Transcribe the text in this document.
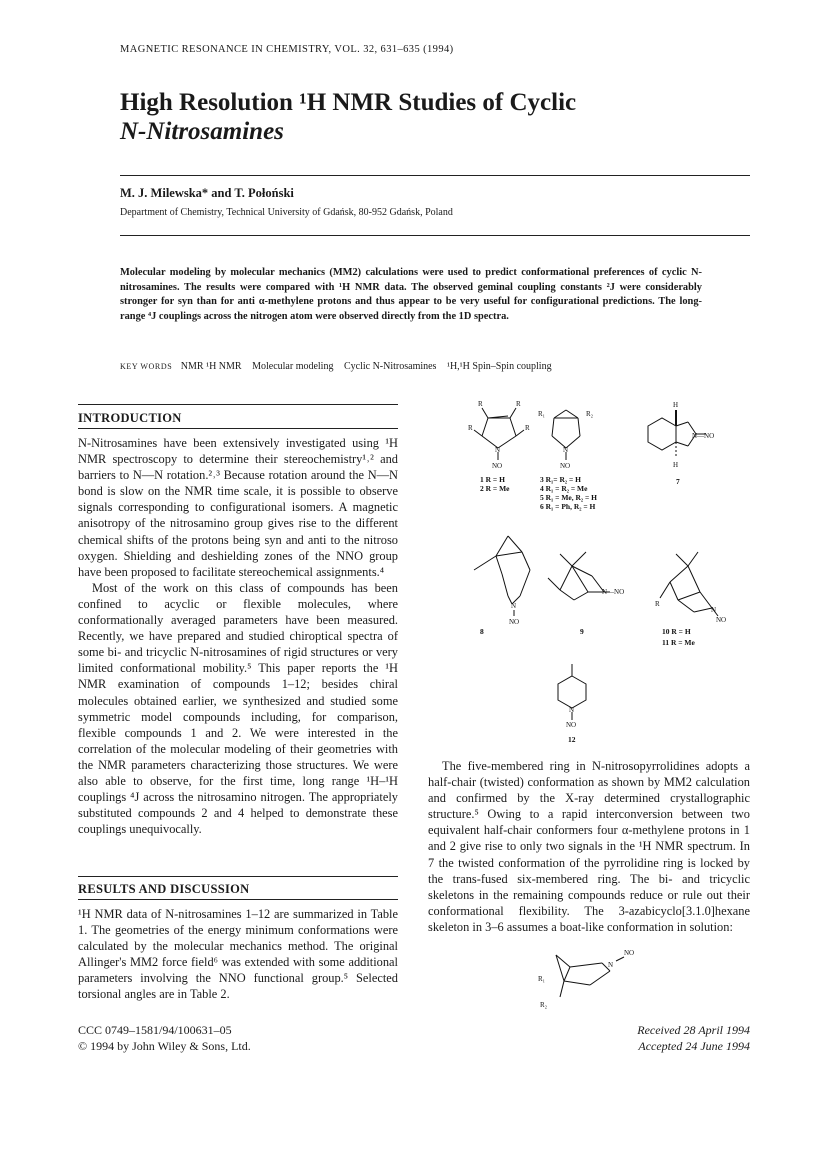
MAGNETIC RESONANCE IN CHEMISTRY, VOL. 32, 631–635 (1994)
High Resolution ¹H NMR Studies of Cyclic
N-Nitrosamines
M. J. Milewska* and T. Połoński
Department of Chemistry, Technical University of Gdańsk, 80-952 Gdańsk, Poland
Molecular modeling by molecular mechanics (MM2) calculations were used to predict conformational preferences of cyclic N-nitrosamines. The results were compared with ¹H NMR data. The observed geminal coupling constants ²J were considerably stronger for syn than for anti α-methylene protons and thus appear to be very useful for configurational predictions. The long-range ⁴J couplings across the nitrogen atom were observed directly from the 1D spectra.
KEY WORDS NMR ¹H NMR Molecular modeling Cyclic N-Nitrosamines ¹H,¹H Spin–Spin coupling
INTRODUCTION

N-Nitrosamines have been extensively investigated using ¹H NMR spectroscopy to determine their stereochemistry¹˒² and barriers to N—N rotation.²˒³ Because rotation around the N—N bond is slow on the NMR time scale, it is possible to observe signals corresponding to configurational isomers. A magnetic anisotropy of the nitrosamino group gives rise to the different chemical shifts of the protons being syn and anti to the nitroso oxygen. Shielding and deshielding zones of the NNO group have been proposed to facilitate stereochemical assignments.⁴

Most of the work on this class of compounds has been confined to acyclic or flexible molecules, where conformationally averaged parameters have been measured. Recently, we have prepared and studied chiroptical spectra of some bi- and tricyclic N-nitrosamines of rigid structures or very limited conformational mobility.⁵ This paper reports the ¹H NMR examination of compounds 1–12; besides chiral molecules obtained earlier, we synthesized and studied some symmetric model compounds including, for comparison, flexible compounds 1 and 2. We were interested in the correlation of the molecular modeling of their geometries with the NMR parameters characterizing those structures. We were also able to observe, for the first time, long range ¹H–¹H couplings ⁴J across the nitrosamino nitrogen. The appropriately substituted compounds 2 and 4 helped to demonstrate these couplings unequivocally.

RESULTS AND DISCUSSION

¹H NMR data of N-nitrosamines 1–12 are summarized in Table 1. The geometries of the energy minimum conformations were calculated by the molecular mechanics method. The original Allinger's MM2 force field⁶ was extended with some additional parameters involving the NNO functional group.⁵ Selected torsional angles are in Table 2.

R	R
R	R
N
NO
1 R = H
2 R = Me
R₁	R₂
N
NO
3 R₁= R₂ = H
4 R₁ = R₂ = Me
5 R₁ = Me, R₂ = H
6 R₁ = Ph, R₂ = H
H
N—NO
H
7
N
NO
8
N—NO
9
R
N
NO
10 R = H
11 R = Me
N
NO
12

The five-membered ring in N-nitrosopyrrolidines adopts a half-chair (twisted) conformation as shown by MM2 calculation and confirmed by the X-ray determined crystallographic structure.⁵ Owing to a rapid interconversion between two equivalent half-chair conformers four α-methylene protons in 1 and 2 give rise to only two signals in the ¹H NMR spectrum. In 7 the twisted conformation of the pyrrolidine ring is locked by the trans-fused six-membered ring. The bi- and tricyclic skeletons in the remaining compounds reduce or rule out their conformational flexibility. The 3-azabicyclo[3.1.0]hexane skeleton in 3–6 assumes a boat-like conformation in solution:

R₁
R₂
N
NO
CCC 0749–1581/94/100631–05
© 1994 by John Wiley & Sons, Ltd.
Received 28 April 1994
Accepted 24 June 1994
